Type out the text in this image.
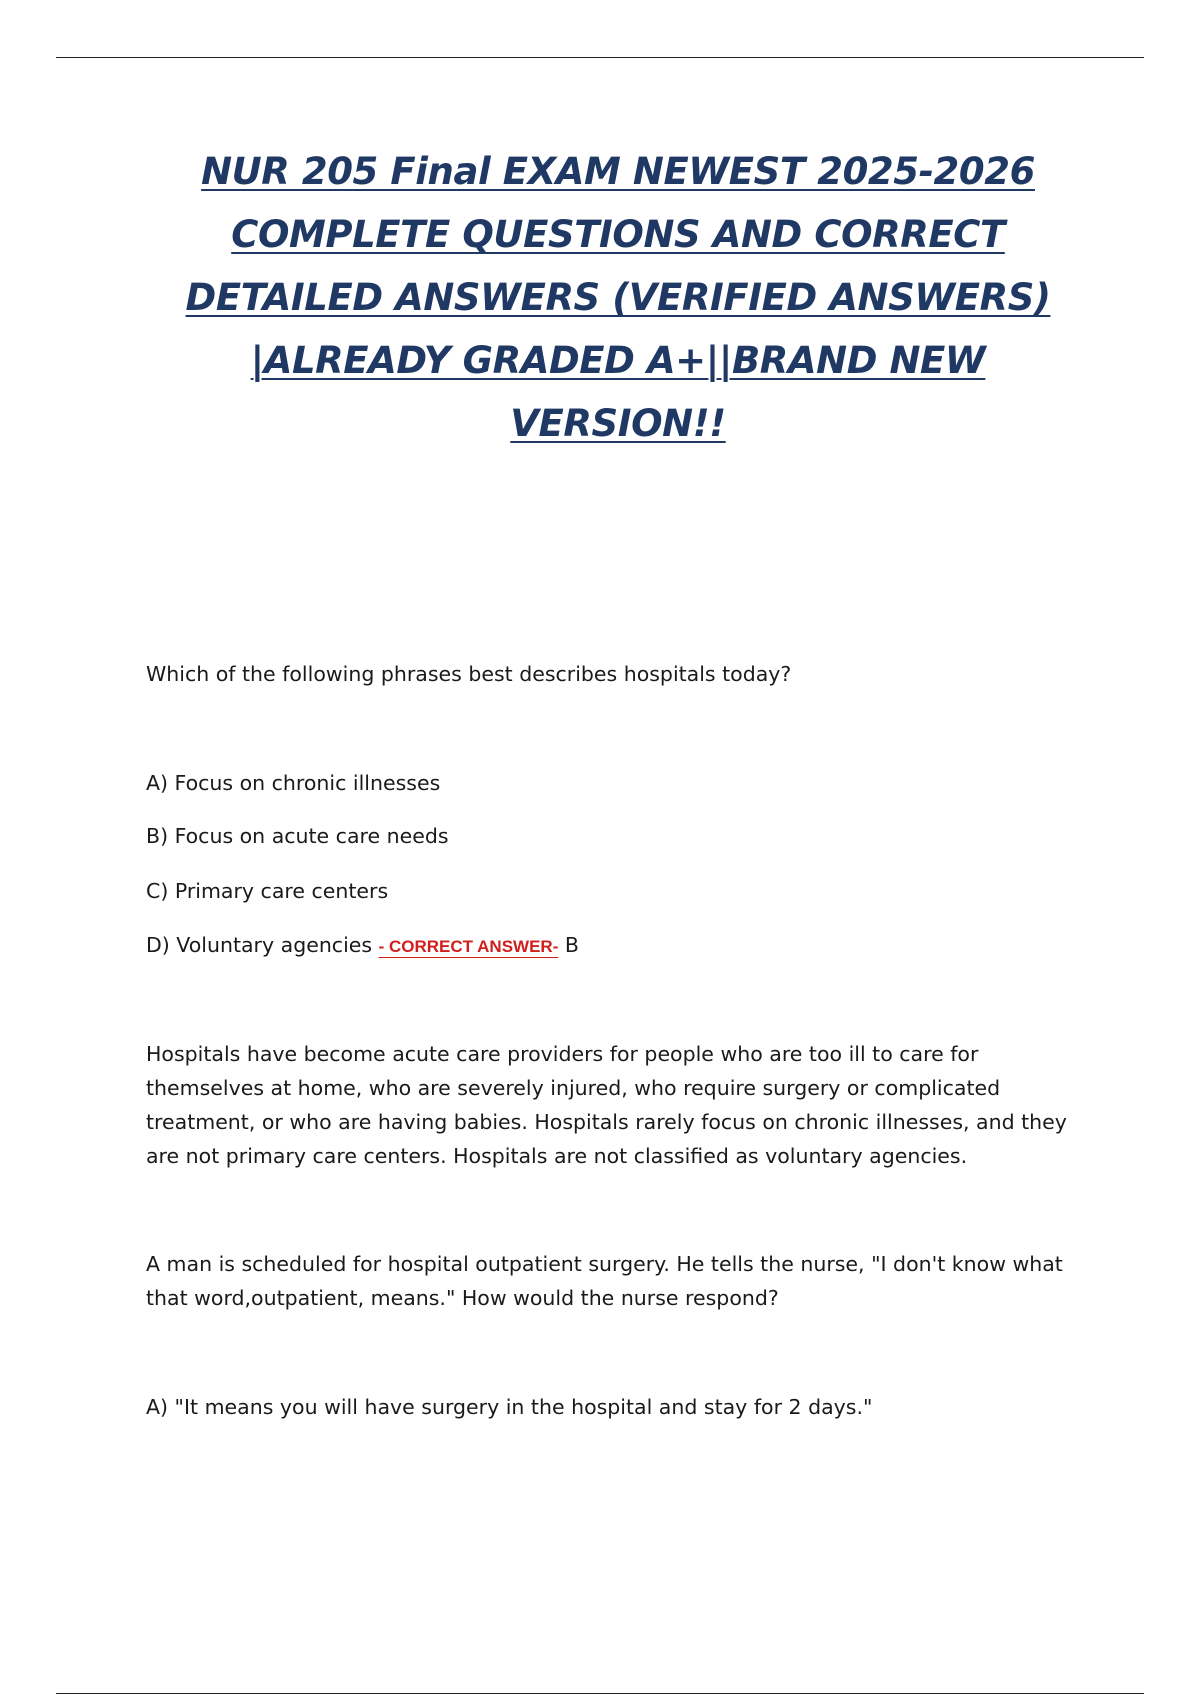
NUR 205 Final EXAM NEWEST 2025-2026 COMPLETE QUESTIONS AND CORRECT DETAILED ANSWERS (VERIFIED ANSWERS) |ALREADY GRADED A+||BRAND NEW VERSION!!

Which of the following phrases best describes hospitals today?

A) Focus on chronic illnesses

B) Focus on acute care needs

C) Primary care centers

D) Voluntary agencies - CORRECT ANSWER- B

Hospitals have become acute care providers for people who are too ill to care for themselves at home, who are severely injured, who require surgery or complicated treatment, or who are having babies. Hospitals rarely focus on chronic illnesses, and they are not primary care centers. Hospitals are not classified as voluntary agencies.

A man is scheduled for hospital outpatient surgery. He tells the nurse, "I don't know what that word,outpatient, means." How would the nurse respond?

A) "It means you will have surgery in the hospital and stay for 2 days."
